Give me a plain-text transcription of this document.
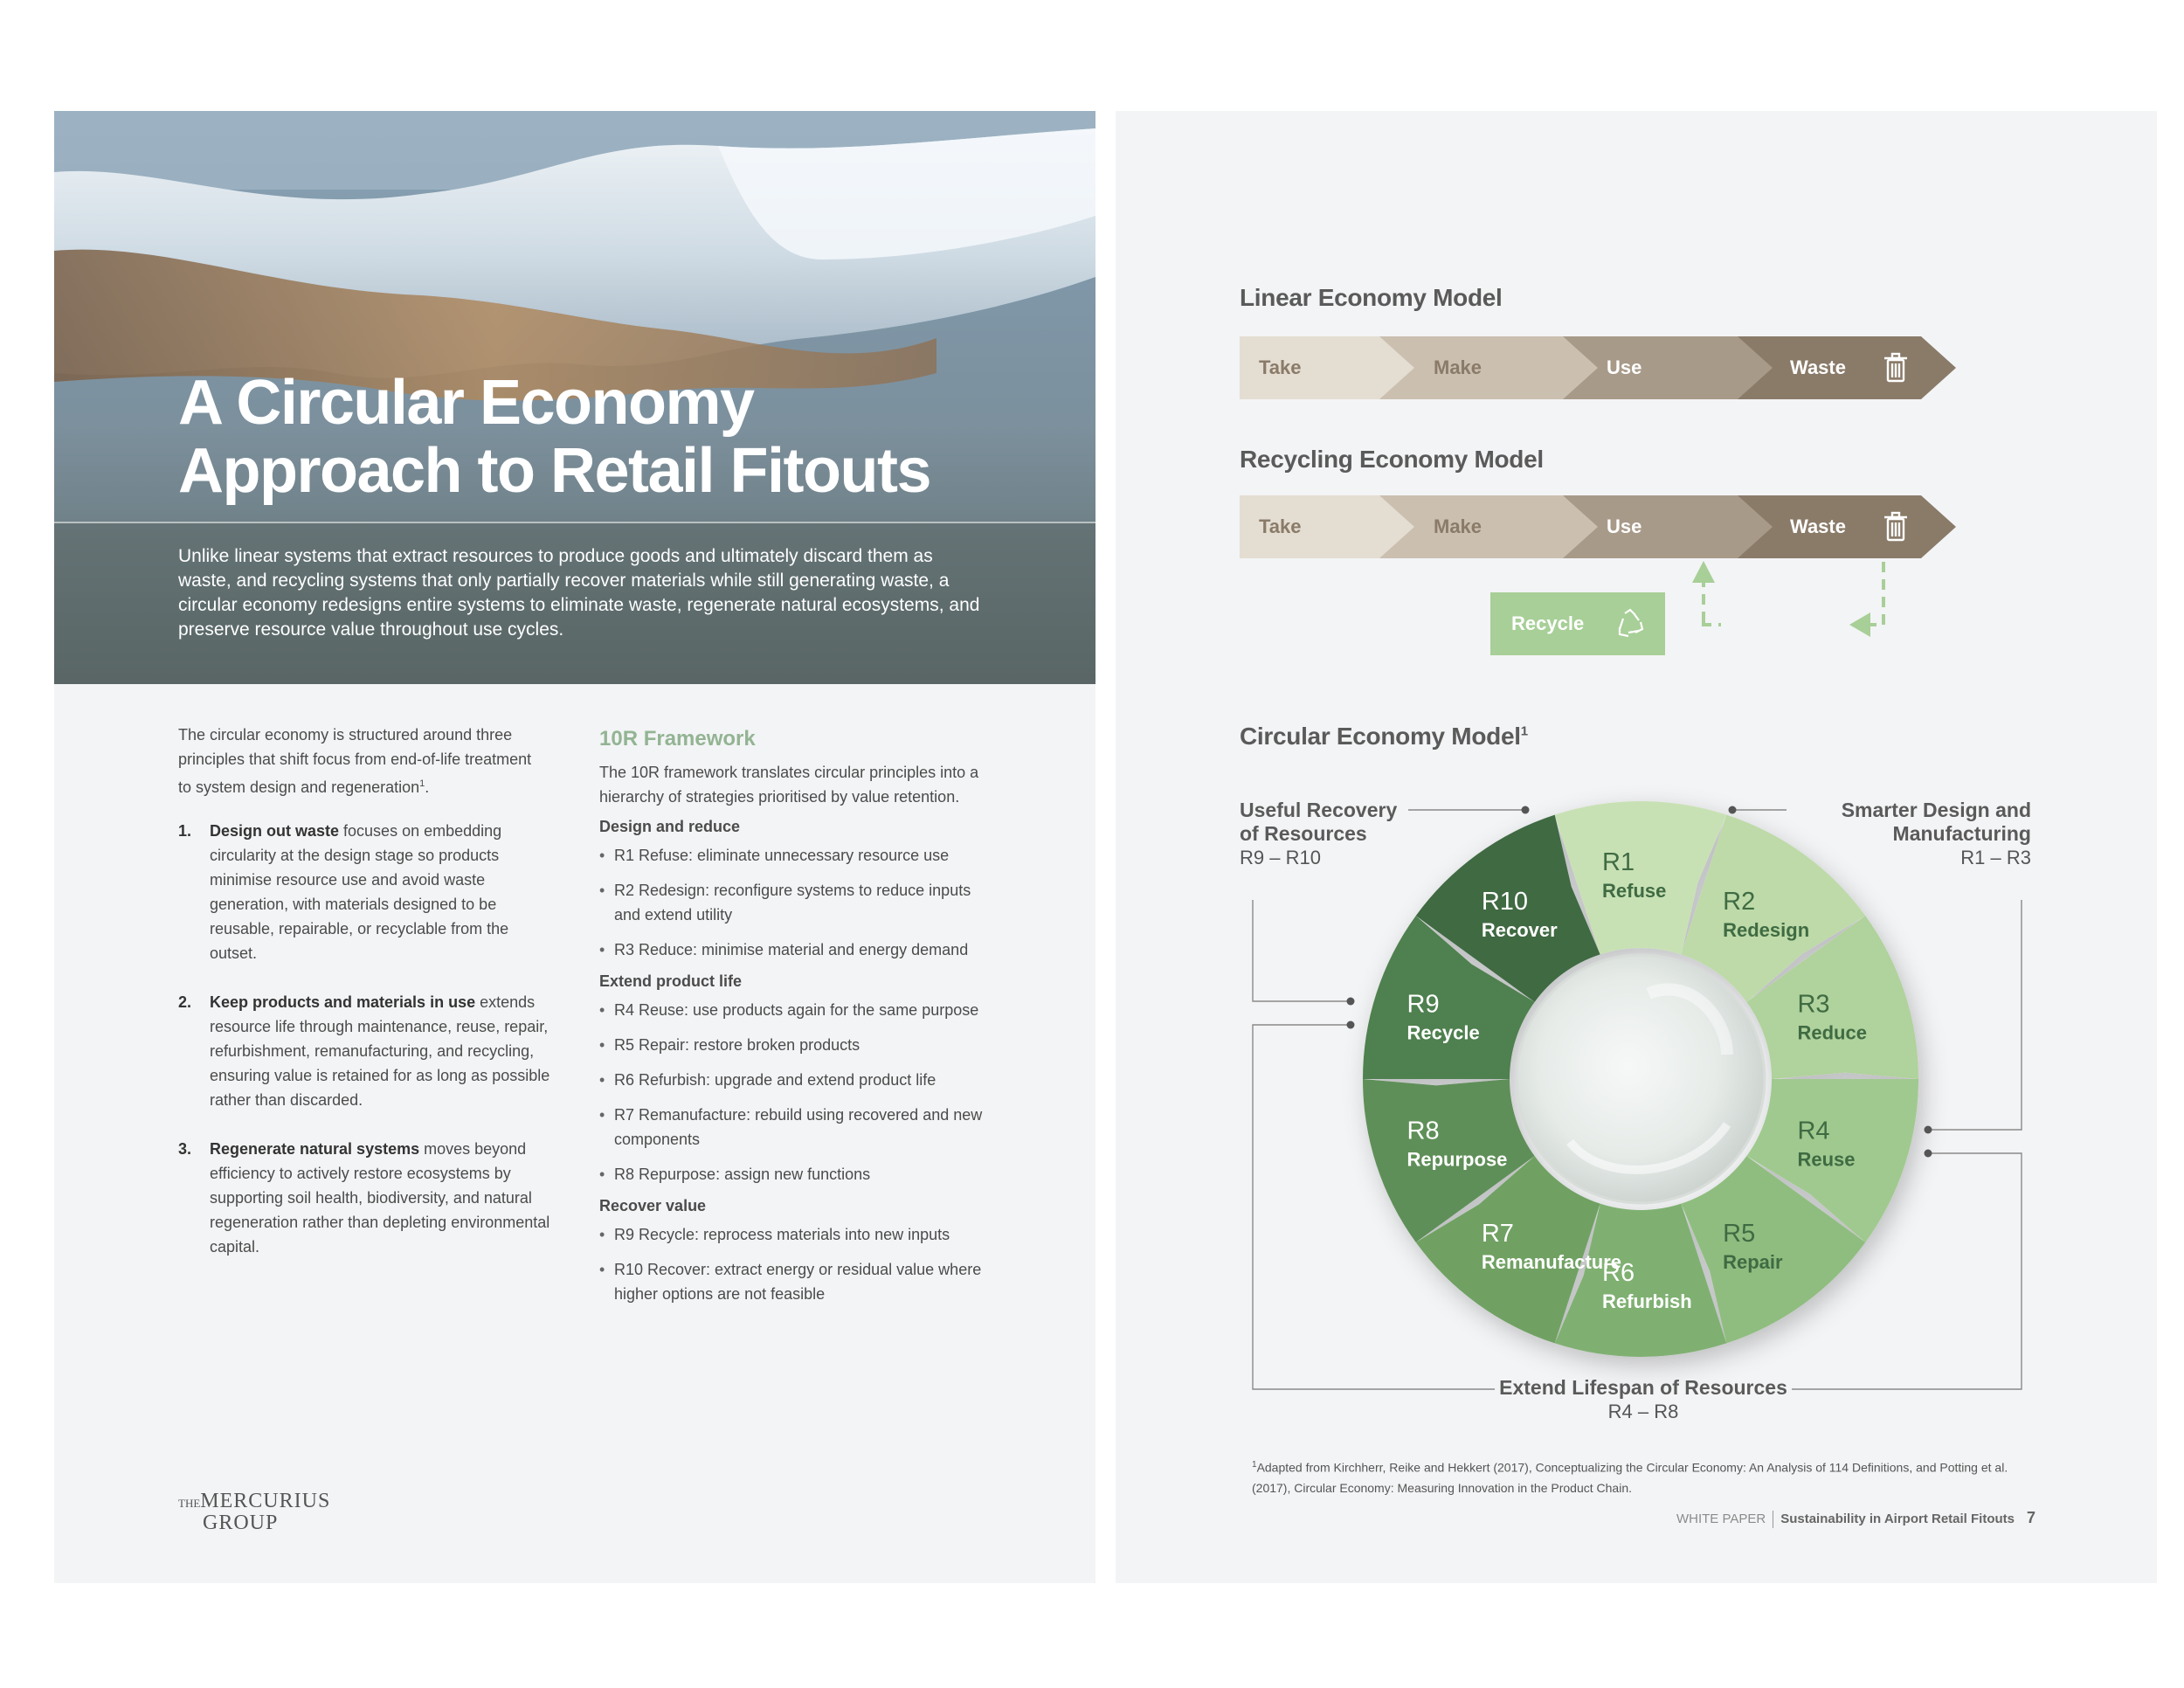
A Circular Economy
Approach to Retail Fitouts

Unlike linear systems that extract resources to produce goods and ultimately discard them as waste, and recycling systems that only partially recover materials while still generating waste, a circular economy redesigns entire systems to eliminate waste, regenerate natural ecosystems, and preserve resource value throughout use cycles.

The circular economy is structured around three principles that shift focus from end-of-life treatment to system design and regeneration$^1$.

1. Design out waste focuses on embedding circularity at the design stage so products minimise resource use and avoid waste generation, with materials designed to be reusable, repairable, or recyclable from the outset.
2. Keep products and materials in use extends resource life through maintenance, reuse, repair, refurbishment, remanufacturing, and recycling, ensuring value is retained for as long as possible rather than discarded.
3. Regenerate natural systems moves beyond efficiency to actively restore ecosystems by supporting soil health, biodiversity, and natural regeneration rather than depleting environmental capital.
10R Framework

The 10R framework translates circular principles into a hierarchy of strategies prioritised by value retention.

Design and reduce
• R1 Refuse: eliminate unnecessary resource use
• R2 Redesign: reconfigure systems to reduce inputs and extend utility
• R3 Reduce: minimise material and energy demand
Extend product life
• R4 Reuse: use products again for the same purpose
• R5 Repair: restore broken products
• R6 Refurbish: upgrade and extend product life
• R7 Remanufacture: rebuild using recovered and new components
• R8 Repurpose: assign new functions
Recover value
• R9 Recycle: reprocess materials into new inputs
• R10 Recover: extract energy or residual value where higher options are not feasible
THEMERCURIUS
GROUP
Linear Economy Model
Take	Make	Use	Waste
Recycling Economy Model
Take	Make	Use	Waste
Recycle
Circular Economy Model$^1$
R1
Refuse R2
Redesign
R3
Reduce
R4
Reuse
R5
Repair
R6
Refurbish
R7
Remanufacture
R8
Repurpose
R9
Recycle
R10
Recover
Useful Recovery
of Resources
R9 – R10
Smarter Design and
Manufacturing
R1 – R3
Extend Lifespan of Resources
R4 – R8

$^1$Adapted from Kirchherr, Reike and Hekkert (2017), Conceptualizing the Circular Economy: An Analysis of 114 Definitions, and Potting et al. (2017), Circular Economy: Measuring Innovation in the Product Chain.

WHITE PAPER Sustainability in Airport Retail Fitouts 7
